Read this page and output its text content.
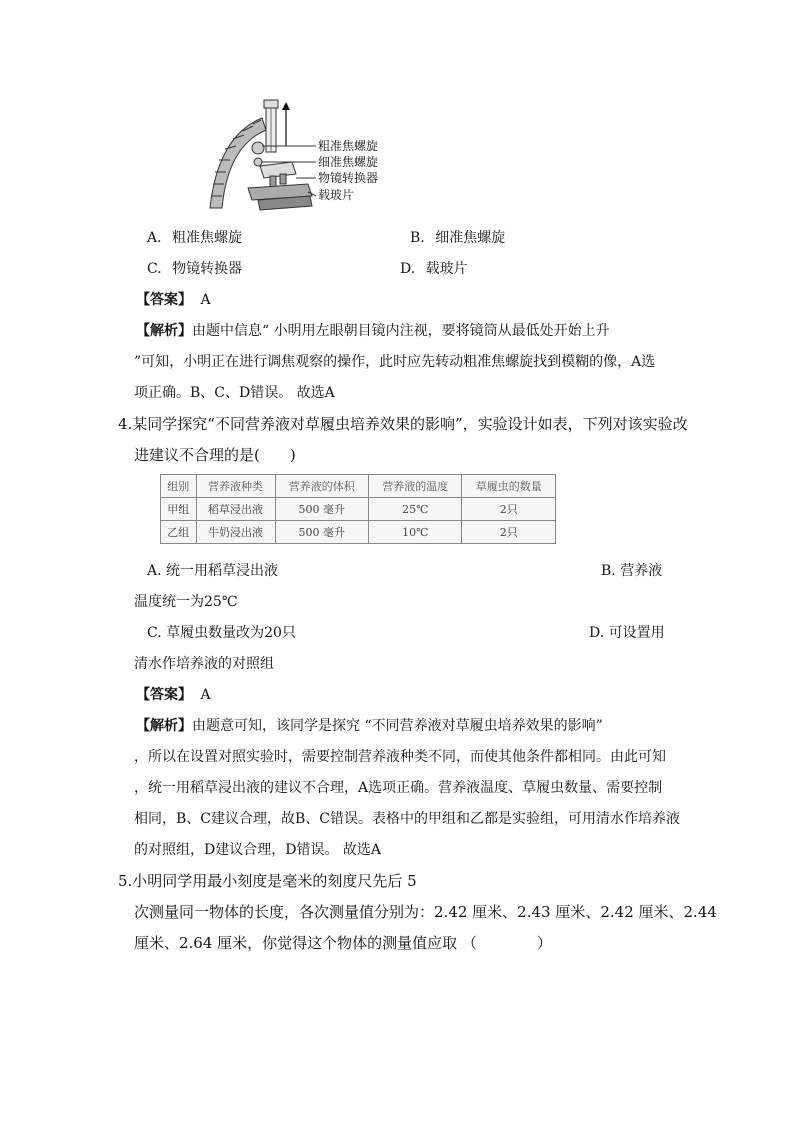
粗准焦螺旋
细准焦螺旋
物镜转换器
载玻片
A. 粗准焦螺旋	B. 细准焦螺旋
C. 物镜转换器	D. 载玻片
【答案】 A
【解析】由题中信息“ 小明用左眼朝目镜内注视，要将镜筒从最低处开始上升
”可知，小明正在进行调焦观察的操作，此时应先转动粗准焦螺旋找到模糊的像，A选
项正确。B、C、D错误。 故选A
4.某同学探究“不同营养液对草履虫培养效果的影响”，实验设计如表，下列对该实验改
进建议不合理的是(　　)
组别	营养液种类	营养液的体积	营养液的温度	草履虫的数量
甲组	稻草浸出液	500 毫升	25℃	2只
乙组	牛奶浸出液	500 毫升	10℃	2只
A. 统一用稻草浸出液	B. 营养液
温度统一为25℃
C. 草履虫数量改为20只	D. 可设置用
清水作培养液的对照组
【答案】 A
【解析】由题意可知，该同学是探究 “不同营养液对草履虫培养效果的影响”
，所以在设置对照实验时，需要控制营养液种类不同，而使其他条件都相同。由此可知
，统一用稻草浸出液的建议不合理，A选项正确。营养液温度、草履虫数量、需要控制
相同，B、C建议合理，故B、C错误。表格中的甲组和乙都是实验组，可用清水作培养液
的对照组，D建议合理，D错误。 故选A
5.小明同学用最小刻度是毫米的刻度尺先后 5
次测量同一物体的长度，各次测量值分别为：2.42 厘米、2.43 厘米、2.42 厘米、2.44
厘米、2.64 厘米，你觉得这个物体的测量值应取 （　　　　）
